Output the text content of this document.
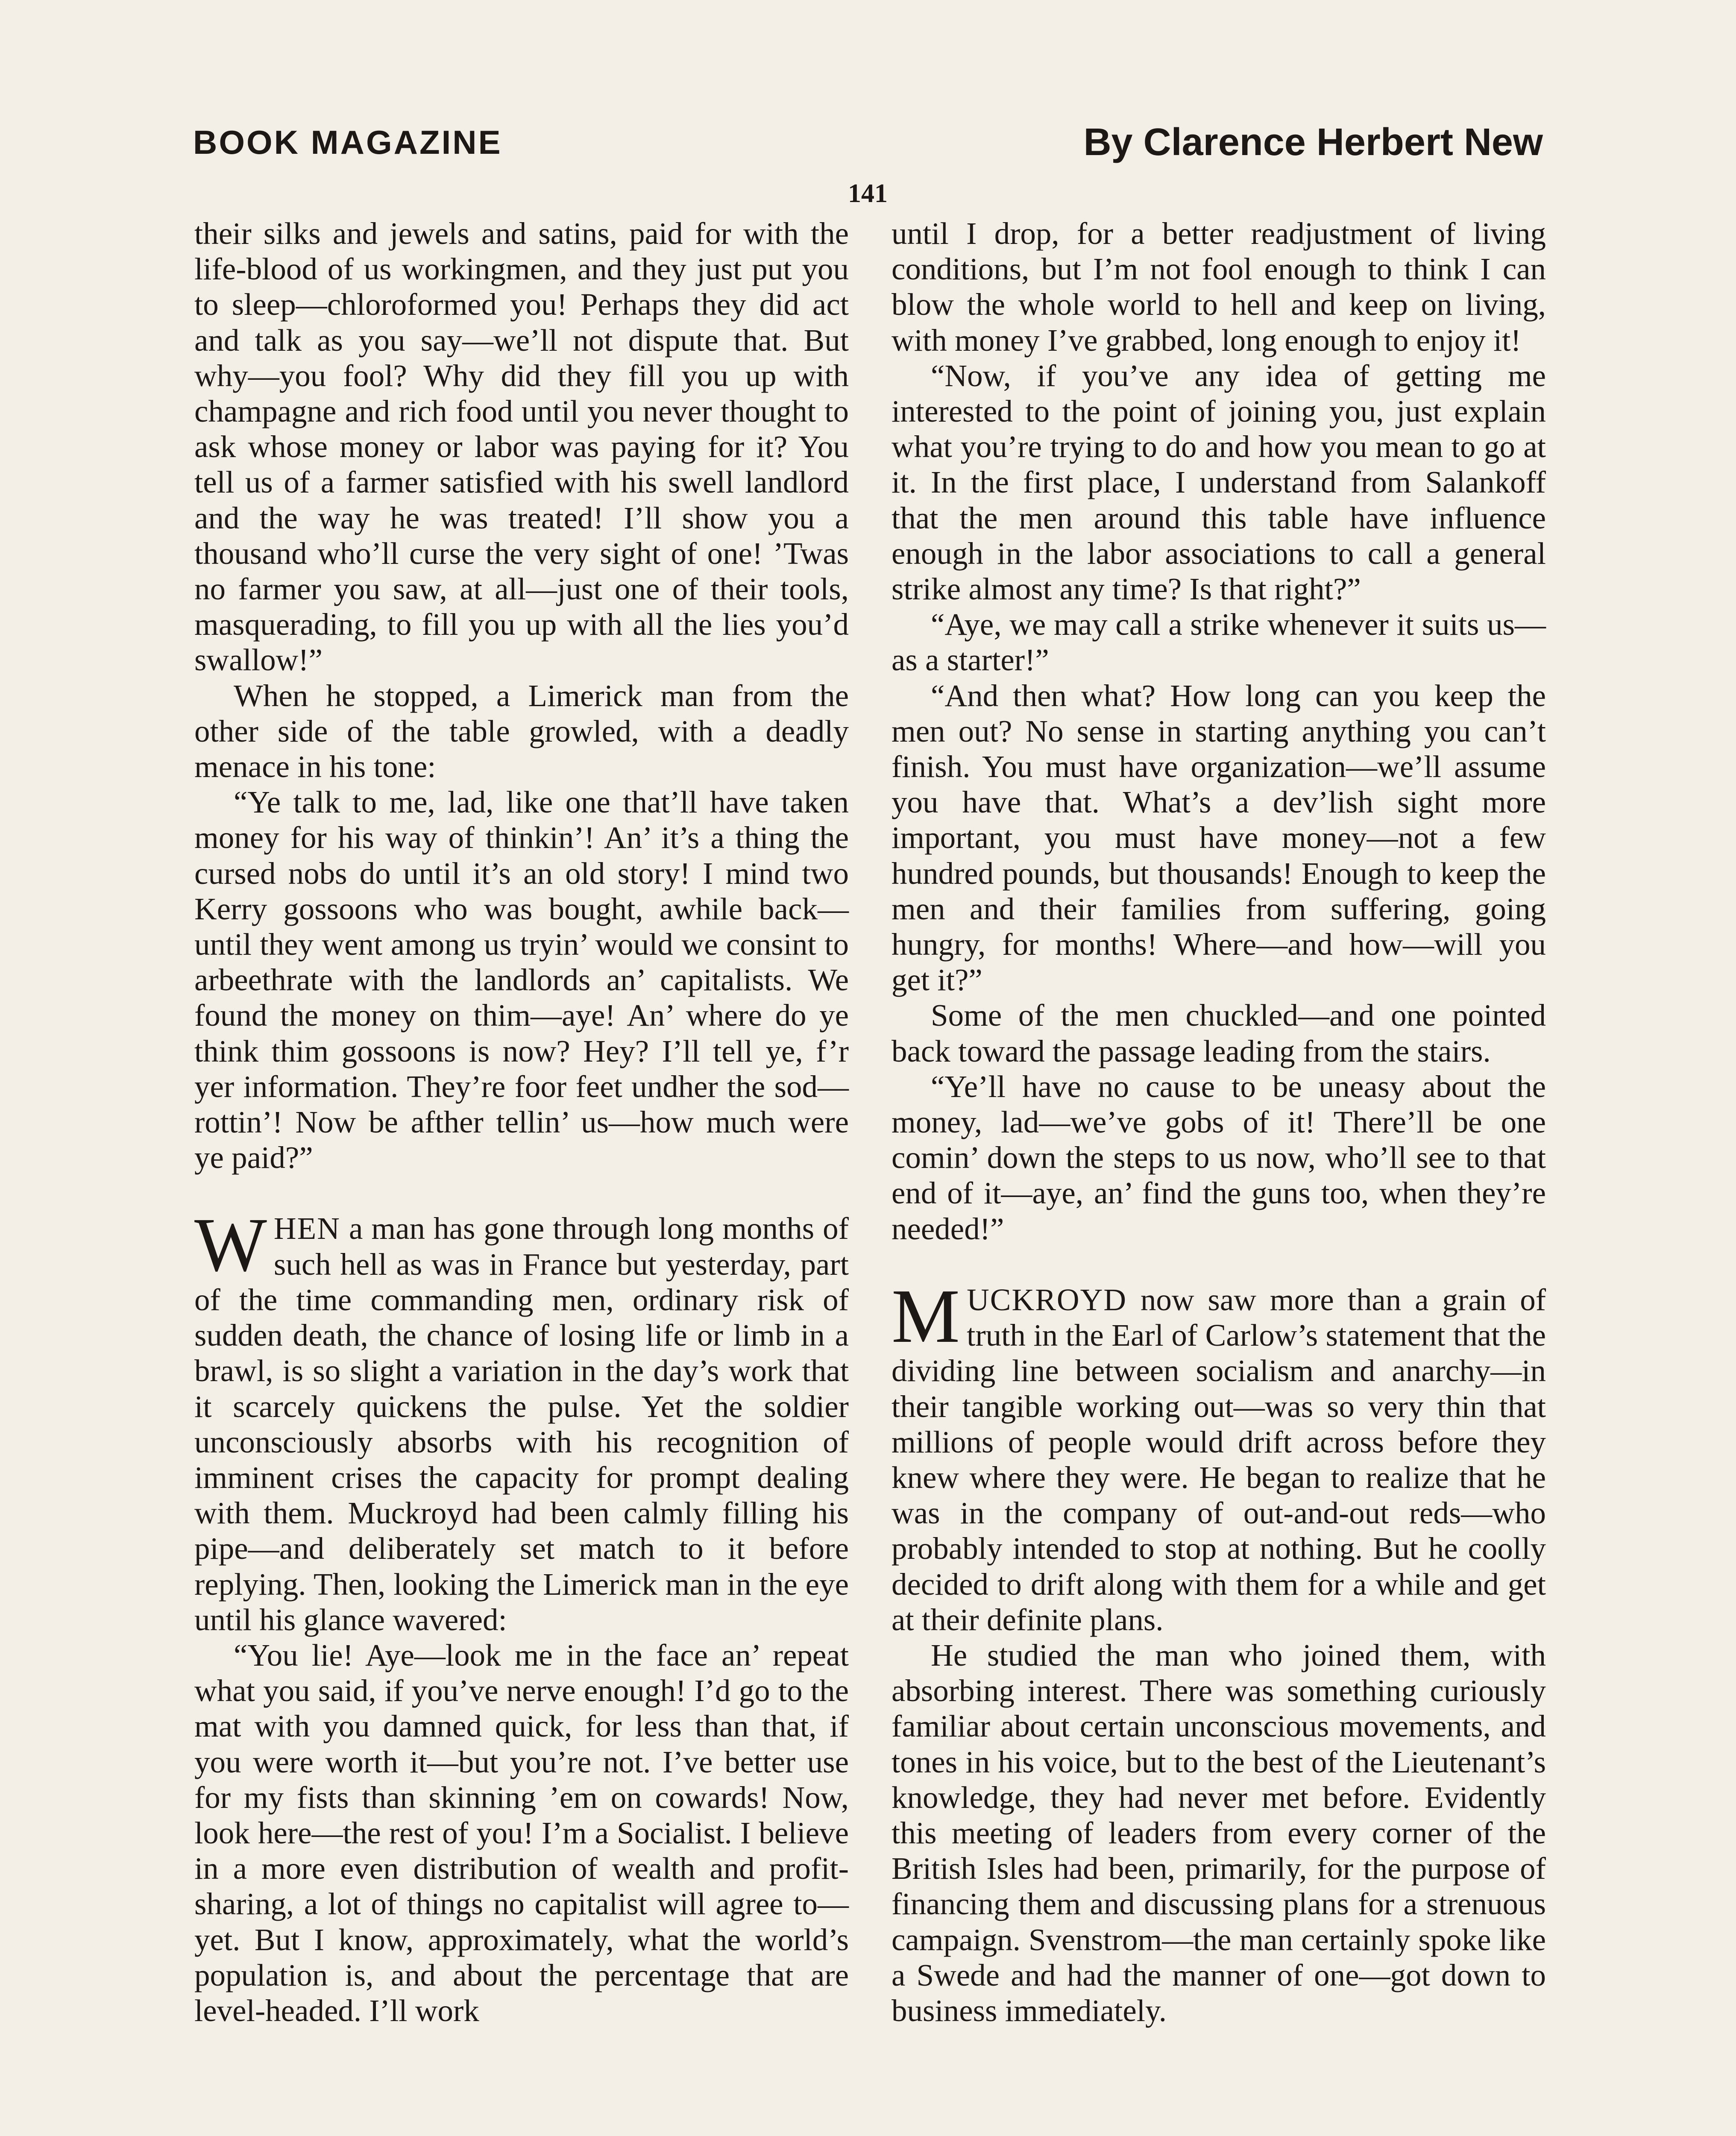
BOOK MAGAZINE	By Clarence Herbert New
141

their silks and jewels and satins, paid for with the life-blood of us workingmen, and they just put you to sleep—chloroformed you! Perhaps they did act and talk as you say—we’ll not dispute that. But why—you fool? Why did they fill you up with champagne and rich food until you never thought to ask whose money or labor was paying for it? You tell us of a farmer satisfied with his swell landlord and the way he was treated! I’ll show you a thousand who’ll curse the very sight of one! ’Twas no farmer you saw, at all—just one of their tools, masquerading, to fill you up with all the lies you’d swallow!”

When he stopped, a Limerick man from the other side of the table growled, with a deadly menace in his tone:

“Ye talk to me, lad, like one that’ll have taken money for his way of thinkin’! An’ it’s a thing the cursed nobs do until it’s an old story! I mind two Kerry gossoons who was bought, awhile back—until they went among us tryin’ would we consint to arbeethrate with the landlords an’ capitalists. We found the money on thim—aye! An’ where do ye think thim gossoons is now? Hey? I’ll tell ye, f’r yer information. They’re foor feet undher the sod—rottin’! Now be afther tellin’ us—how much were ye paid?”

WHEN a man has gone through long months of such hell as was in France but yesterday, part of the time commanding men, ordinary risk of sudden death, the chance of losing life or limb in a brawl, is so slight a variation in the day’s work that it scarcely quickens the pulse. Yet the soldier unconsciously absorbs with his recognition of imminent crises the capacity for prompt dealing with them. Muckroyd had been calmly filling his pipe—and deliberately set match to it before replying. Then, looking the Limerick man in the eye until his glance wavered:

“You lie! Aye—look me in the face an’ repeat what you said, if you’ve nerve enough! I’d go to the mat with you damned quick, for less than that, if you were worth it—but you’re not. I’ve better use for my fists than skinning ’em on cowards! Now, look here—the rest of you! I’m a Socialist. I believe in a more even distribution of wealth and profit-sharing, a lot of things no capitalist will agree to—yet. But I know, approximately, what the world’s population is, and about the percentage that are level-headed. I’ll work

until I drop, for a better readjustment of living conditions, but I’m not fool enough to think I can blow the whole world to hell and keep on living, with money I’ve grabbed, long enough to enjoy it!

“Now, if you’ve any idea of getting me interested to the point of joining you, just explain what you’re trying to do and how you mean to go at it. In the first place, I understand from Salankoff that the men around this table have influence enough in the labor associations to call a general strike almost any time? Is that right?”

“Aye, we may call a strike whenever it suits us—as a starter!”

“And then what? How long can you keep the men out? No sense in starting anything you can’t finish. You must have organization—we’ll assume you have that. What’s a dev’lish sight more important, you must have money—not a few hundred pounds, but thousands! Enough to keep the men and their families from suffering, going hungry, for months! Where—and how—will you get it?”

Some of the men chuckled—and one pointed back toward the passage leading from the stairs.

“Ye’ll have no cause to be uneasy about the money, lad—we’ve gobs of it! There’ll be one comin’ down the steps to us now, who’ll see to that end of it—aye, an’ find the guns too, when they’re needed!”

MUCKROYD now saw more than a grain of truth in the Earl of Carlow’s statement that the dividing line between socialism and anarchy—in their tangible working out—was so very thin that millions of people would drift across before they knew where they were. He began to realize that he was in the company of out-and-out reds—who probably intended to stop at nothing. But he coolly decided to drift along with them for a while and get at their definite plans.

He studied the man who joined them, with absorbing interest. There was something curiously familiar about certain unconscious movements, and tones in his voice, but to the best of the Lieutenant’s knowledge, they had never met before. Evidently this meeting of leaders from every corner of the British Isles had been, primarily, for the purpose of financing them and discussing plans for a strenuous campaign. Svenstrom—the man certainly spoke like a Swede and had the manner of one—got down to business immediately.
